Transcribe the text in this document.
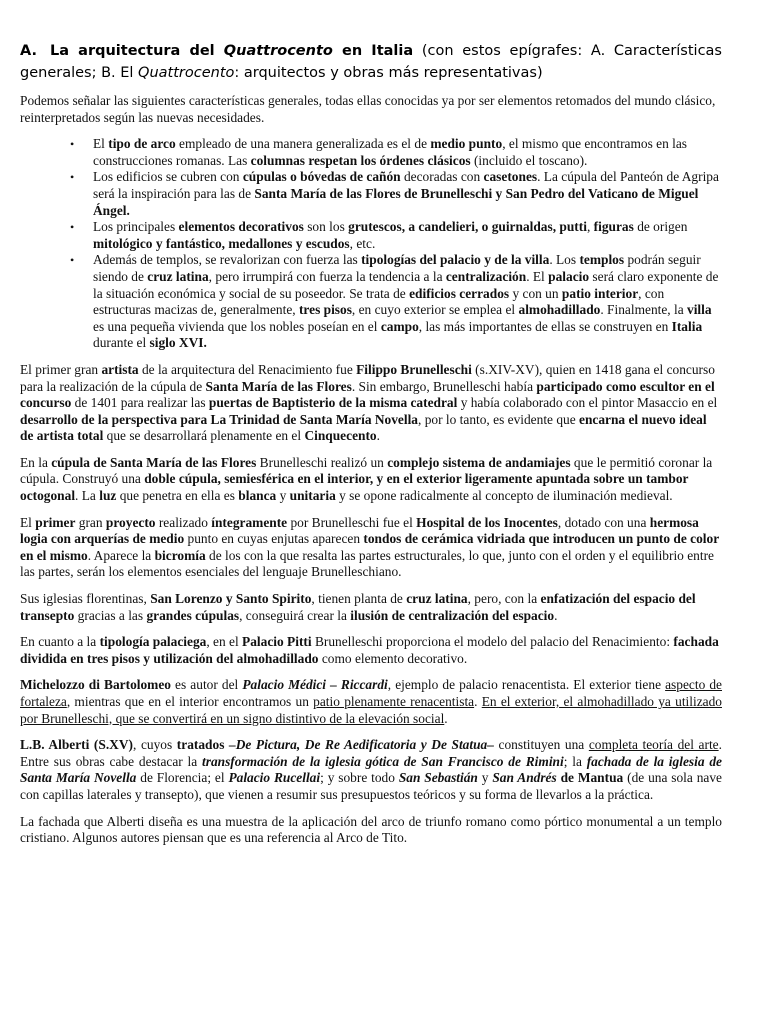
A. La arquitectura del Quattrocento en Italia (con estos epígrafes: A. Características generales; B. El Quattrocento: arquitectos y obras más representativas)

Podemos señalar las siguientes características generales, todas ellas conocidas ya por ser elementos retomados del mundo clásico, reinterpretados según las nuevas necesidades.

• El tipo de arco empleado de una manera generalizada es el de medio punto, el mismo que encontramos en las construcciones romanas. Las columnas respetan los órdenes clásicos (incluido el toscano).
• Los edificios se cubren con cúpulas o bóvedas de cañón decoradas con casetones. La cúpula del Panteón de Agripa será la inspiración para las de Santa María de las Flores de Brunelleschi y San Pedro del Vaticano de Miguel Ángel.
• Los principales elementos decorativos son los grutescos, a candelieri, o guirnaldas, putti, figuras de origen mitológico y fantástico, medallones y escudos, etc.
• Además de templos, se revalorizan con fuerza las tipologías del palacio y de la villa. Los templos podrán seguir siendo de cruz latina, pero irrumpirá con fuerza la tendencia a la centralización. El palacio será claro exponente de la situación económica y social de su poseedor. Se trata de edificios cerrados y con un patio interior, con estructuras macizas de, generalmente, tres pisos, en cuyo exterior se emplea el almohadillado. Finalmente, la villa es una pequeña vivienda que los nobles poseían en el campo, las más importantes de ellas se construyen en Italia durante el siglo XVI.

El primer gran artista de la arquitectura del Renacimiento fue Filippo Brunelleschi (s.XIV-XV), quien en 1418 gana el concurso para la realización de la cúpula de Santa María de las Flores. Sin embargo, Brunelleschi había participado como escultor en el concurso de 1401 para realizar las puertas de Baptisterio de la misma catedral y había colaborado con el pintor Masaccio en el desarrollo de la perspectiva para La Trinidad de Santa María Novella, por lo tanto, es evidente que encarna el nuevo ideal de artista total que se desarrollará plenamente en el Cinquecento.

En la cúpula de Santa María de las Flores Brunelleschi realizó un complejo sistema de andamiajes que le permitió coronar la cúpula. Construyó una doble cúpula, semiesférica en el interior, y en el exterior ligeramente apuntada sobre un tambor octogonal. La luz que penetra en ella es blanca y unitaria y se opone radicalmente al concepto de iluminación medieval.

El primer gran proyecto realizado íntegramente por Brunelleschi fue el Hospital de los Inocentes, dotado con una hermosa logia con arquerías de medio punto en cuyas enjutas aparecen tondos de cerámica vidriada que introducen un punto de color en el mismo. Aparece la bicromía de los con la que resalta las partes estructurales, lo que, junto con el orden y el equilibrio entre las partes, serán los elementos esenciales del lenguaje Brunelleschiano.

Sus iglesias florentinas, San Lorenzo y Santo Spirito, tienen planta de cruz latina, pero, con la enfatización del espacio del transepto gracias a las grandes cúpulas, conseguirá crear la ilusión de centralización del espacio.

En cuanto a la tipología palaciega, en el Palacio Pitti Brunelleschi proporciona el modelo del palacio del Renacimiento: fachada dividida en tres pisos y utilización del almohadillado como elemento decorativo.

Michelozzo di Bartolomeo es autor del Palacio Médici – Riccardi, ejemplo de palacio renacentista. El exterior tiene aspecto de fortaleza, mientras que en el interior encontramos un patio plenamente renacentista. En el exterior, el almohadillado ya utilizado por Brunelleschi, que se convertirá en un signo distintivo de la elevación social.

L.B. Alberti (S.XV), cuyos tratados –De Pictura, De Re Aedificatoria y De Statua– constituyen una completa teoría del arte. Entre sus obras cabe destacar la transformación de la iglesia gótica de San Francisco de Rimini; la fachada de la iglesia de Santa María Novella de Florencia; el Palacio Rucellai; y sobre todo San Sebastián y San Andrés de Mantua (de una sola nave con capillas laterales y transepto), que vienen a resumir sus presupuestos teóricos y su forma de llevarlos a la práctica.

La fachada que Alberti diseña es una muestra de la aplicación del arco de triunfo romano como pórtico monumental a un templo cristiano. Algunos autores piensan que es una referencia al Arco de Tito.
